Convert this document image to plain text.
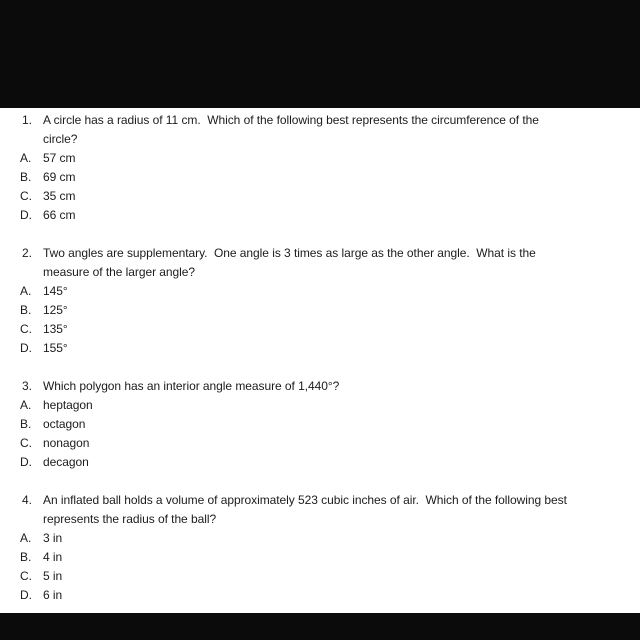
1. A circle has a radius of 11 cm.  Which of the following best represents the circumference of the
circle?
A. 57 cm
B. 69 cm
C. 35 cm
D. 66 cm
2. Two angles are supplementary.  One angle is 3 times as large as the other angle.  What is the
measure of the larger angle?
A. 145°
B. 125°
C. 135°
D. 155°
3. Which polygon has an interior angle measure of 1,440°?
A. heptagon
B. octagon
C. nonagon
D. decagon
4. An inflated ball holds a volume of approximately 523 cubic inches of air.  Which of the following best
represents the radius of the ball?
A. 3 in
B. 4 in
C. 5 in
D. 6 in
